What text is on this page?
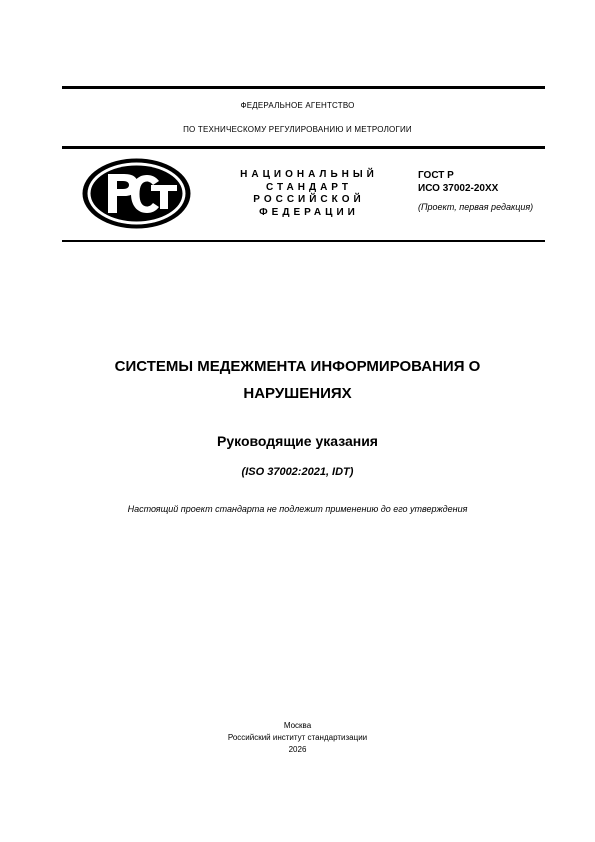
ФЕДЕРАЛЬНОЕ АГЕНТСТВО
ПО ТЕХНИЧЕСКОМУ РЕГУЛИРОВАНИЮ И МЕТРОЛОГИИ
НАЦИОНАЛЬНЫЙ
СТАНДАРТ
РОССИЙСКОЙ
ФЕДЕРАЦИИ
ГОСТ Р
ИСО 37002-20ХХ
(Проект, первая редакция)
СИСТЕМЫ МЕДЕЖМЕНТА ИНФОРМИРОВАНИЯ О
НАРУШЕНИЯХ
Руководящие указания
(ISO 37002:2021, IDT)
Настоящий проект стандарта не подлежит применению до его утверждения
Москва
Российский институт стандартизации
2026
